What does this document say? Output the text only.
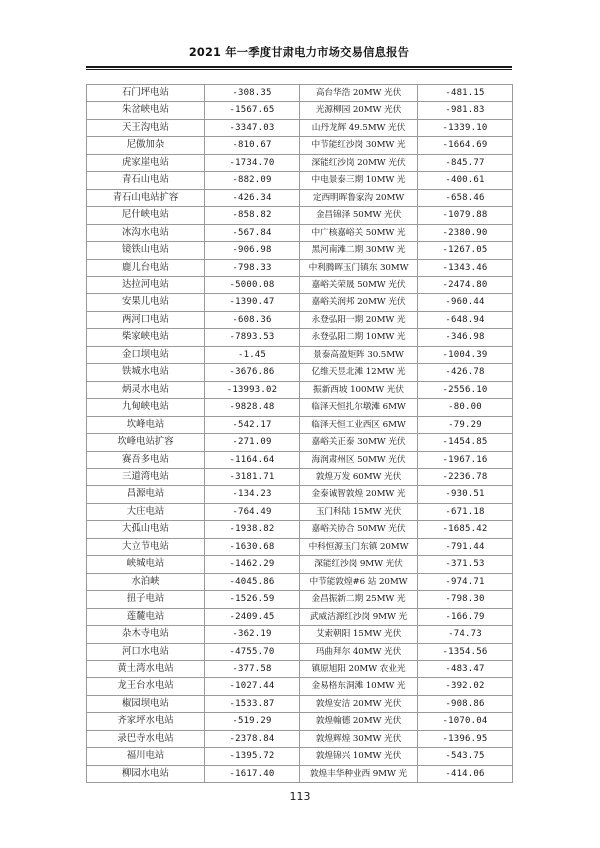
2021 年一季度甘肃电力市场交易信息报告
石门坪电站	-308.35	高台华浩 20MW 光伏	-481.15
朱岔峡电站	-1567.65	光源柳园 20MW 光伏	-981.83
天王沟电站	-3347.03	山丹龙辉 49.5MW 光伏	-1339.10
尼傲加杂	-810.67	中节能红沙岗 30MW 光	-1664.69
虎家崖电站	-1734.70	深能红沙岗 20MW 光伏	-845.77
青石山电站	-882.09	中电景泰三期 10MW 光	-400.61
青石山电站扩容	-426.34	定西明晖鲁家沟 20MW	-658.46
尼什峡电站	-858.82	金昌锦泽 50MW 光伏	-1079.88
冰沟水电站	-567.84	中广核嘉峪关 50MW 光	-2380.90
镜铁山电站	-906.98	黑河南滩二期 30MW 光	-1267.05
鹿儿台电站	-798.33	中利腾晖玉门镇东 30MW	-1343.46
达拉河电站	-5000.08	嘉峪关荣晟 50MW 光伏	-2474.80
安果儿电站	-1390.47	嘉峪关润邦 20MW 光伏	-960.44
两河口电站	-608.36	永登弘阳一期 20MW 光	-648.94
柴家峡电站	-7893.53	永登弘阳二期 10MW 光	-346.98
金口坝电站	-1.45	景泰高盈矩阵 30.5MW	-1004.39
铁城水电站	-3676.86	亿维天昱北滩 12MW 光	-426.78
炳灵水电站	-13993.02	振新西坡 100MW 光伏	-2556.10
九甸峡电站	-9828.48	临泽天恒扎尔墩滩 6MW	-80.00
坎峰电站	-542.17	临泽天恒工业西区 6MW	-79.29
坎峰电站扩容	-271.09	嘉峪关正泰 30MW 光伏	-1454.85
赛吾多电站	-1164.64	海润肃州区 50MW 光伏	-1967.16
三道湾电站	-3181.71	敦煌万发 60MW 光伏	-2236.78
昌源电站	-134.23	金泰诚智敦煌 20MW 光	-930.51
大庄电站	-764.49	玉门科陆 15MW 光伏	-671.18
大孤山电站	-1938.82	嘉峪关协合 50MW 光伏	-1685.42
大立节电站	-1630.68	中科恒源玉门东镇 20MW	-791.44
峡城电站	-1462.29	深能红沙岗 9MW 光伏	-371.53
水泊峡	-4045.86	中节能敦煌#6 站 20MW	-974.71
扭子电站	-1526.59	金昌振新二期 25MW 光	-798.30
莲麓电站	-2409.45	武威洁源红沙岗 9MW 光	-166.79
杂木寺电站	-362.19	艾索朝阳 15MW 光伏	-74.73
河口水电站	-4755.70	玛曲拜尔 40MW 光伏	-1354.56
黄土湾水电站	-377.58	镇原旭阳 20MW 农业光	-483.47
龙王台水电站	-1027.44	金易格东洞滩 10MW 光	-392.02
椒园坝电站	-1533.87	敦煌安洁 20MW 光伏	-908.86
齐家坪水电站	-519.29	敦煌翰德 20MW 光伏	-1070.04
录巴寺水电站	-2378.84	敦煌辉煌 30MW 光伏	-1396.95
福川电站	-1395.72	敦煌锦兴 10MW 光伏	-543.75
柳园水电站	-1617.40	敦煌丰华种业西 9MW 光	-414.06
113
